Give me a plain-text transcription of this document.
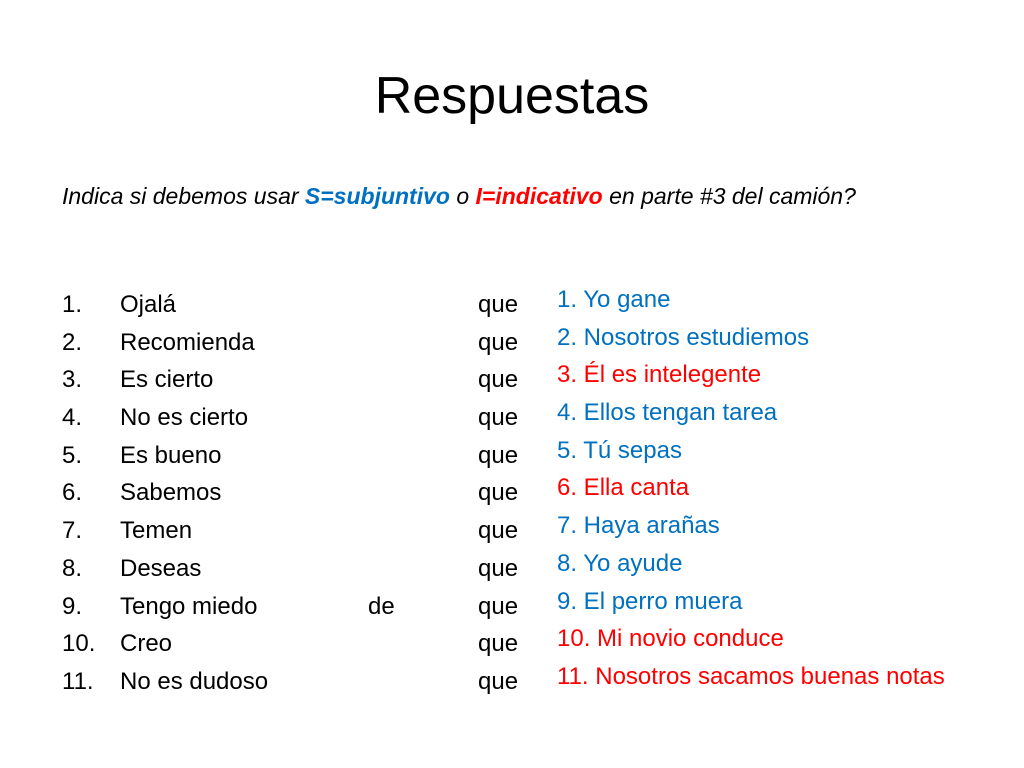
Respuestas
Indica si debemos usar S=subjuntivo o I=indicativo en parte #3 del camión?
1. Ojalá	que
2. Recomienda	que
3. Es cierto	que
4. No es cierto	que
5. Es bueno	que
6. Sabemos	que
7. Temen	que
8. Deseas	que
9. Tengo miedo	de	que
10. Creo	que
11. No es dudoso	que
1. Yo gane
2. Nosotros estudiemos
3. Él es intelegente
4. Ellos tengan tarea
5. Tú sepas
6. Ella canta
7. Haya arañas
8. Yo ayude
9. El perro muera
10. Mi novio conduce
11. Nosotros sacamos buenas notas
